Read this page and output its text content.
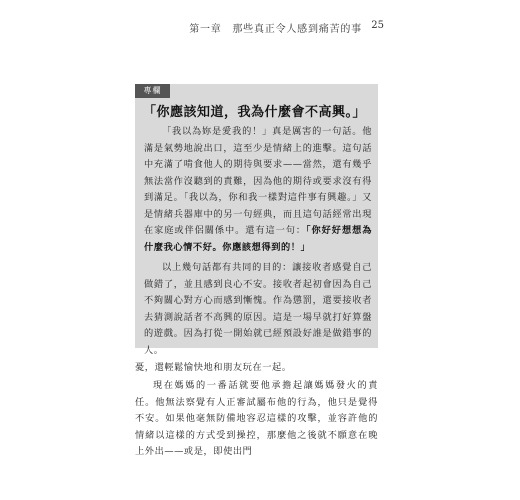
第一章　那些真正令人感到痛苦的事 25
專欄
「你應該知道，我為什麼會不高興。」
「我以為妳是愛我的！」真是厲害的一句話。他滿是氣勢地說出口，這至少是情緒上的進擊。這句話中充滿了啃食他人的期待與要求——當然，還有幾乎無法當作沒聽到的責難，因為他的期待或要求沒有得到滿足。「我以為，你和我一樣對這件事有興趣。」又是情緒兵器庫中的另一句經典，而且這句話經常出現在家庭或伴侶關係中。還有這一句：「你好好想想為什麼我心情不好。你應該想得到的！」
以上幾句話都有共同的目的：讓接收者感覺自己做錯了，並且感到良心不安。接收者起初會因為自己不夠關心對方心而感到慚愧。作為懲罰，還要接收者去猜測說話者不高興的原因。這是一場早就打好算盤的遊戲。因為打從一開始就已經預設好誰是做錯事的人。
憂，還輕鬆愉快地和朋友玩在一起。
現在媽媽的一番話就要他承擔起讓媽媽發火的責任。他無法察覺有人正審試屬布他的行為，他只是覺得不安。如果他毫無防備地容忍這樣的攻擊，並容許他的情緒以這樣的方式受到操控，那麼他之後就不願意在晚上外出——或是，即使出門
